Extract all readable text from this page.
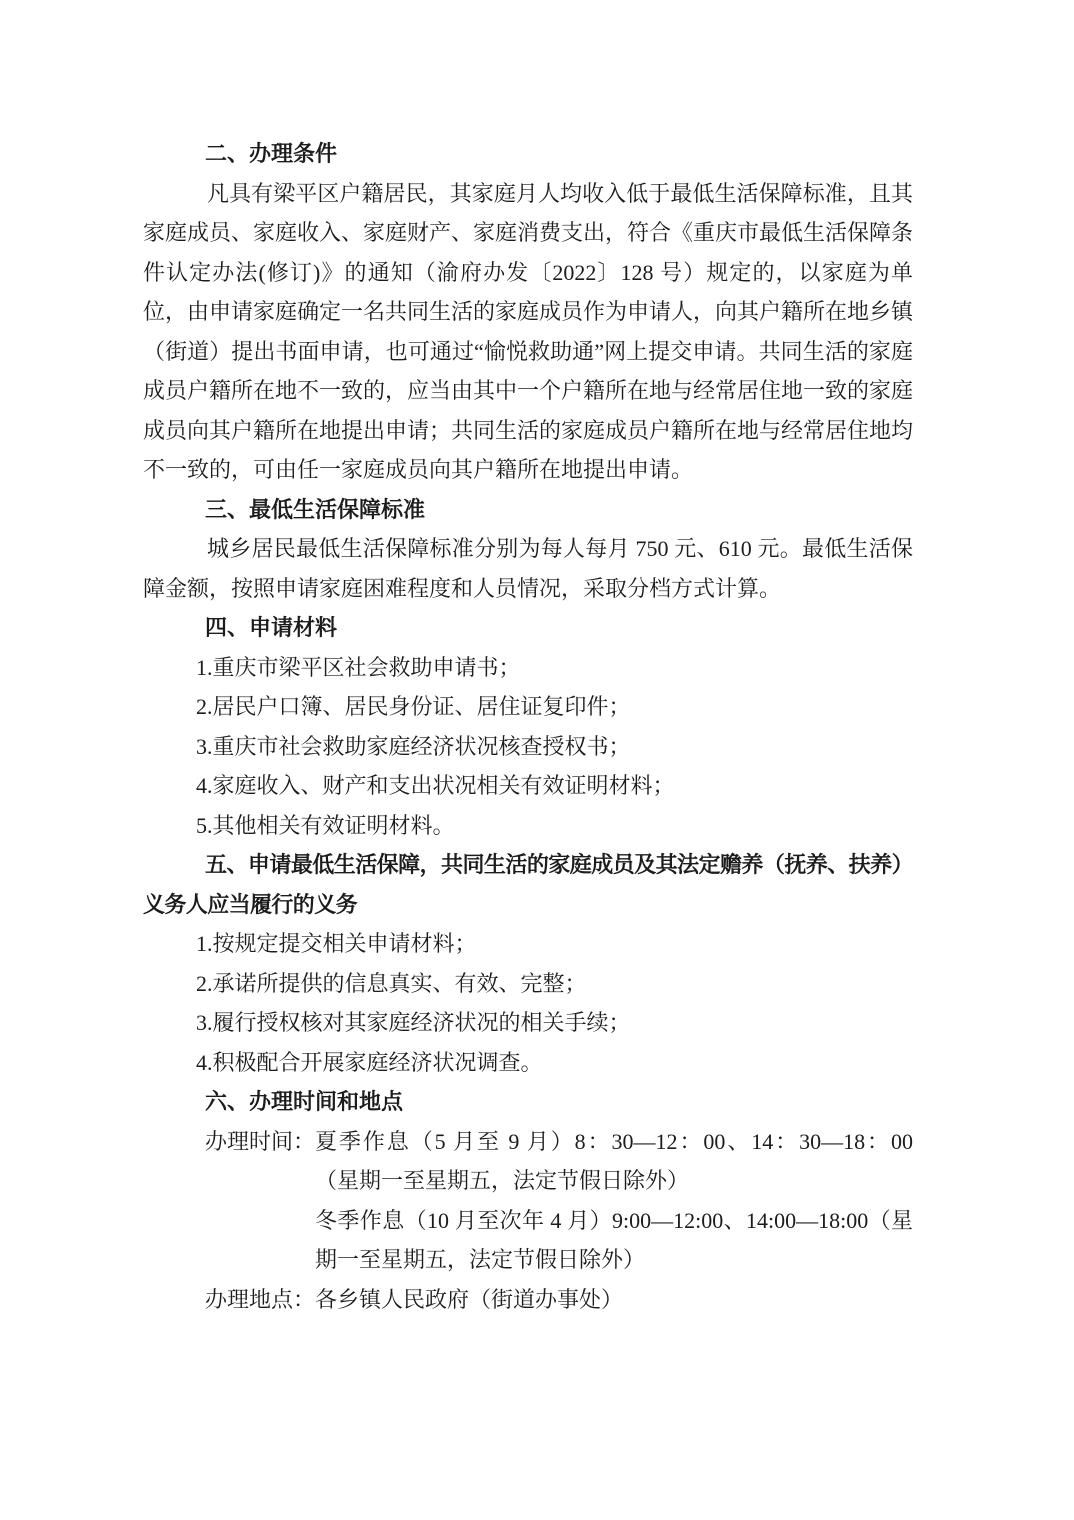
二、办理条件
凡具有梁平区户籍居民，其家庭月人均收入低于最低生活保障标准，且其家庭成员、家庭收入、家庭财产、家庭消费支出，符合《重庆市最低生活保障条件认定办法(修订)》的通知（渝府办发〔2022〕128 号）规定的，以家庭为单位，由申请家庭确定一名共同生活的家庭成员作为申请人，向其户籍所在地乡镇（街道）提出书面申请，也可通过“愉悦救助通”网上提交申请。共同生活的家庭成员户籍所在地不一致的，应当由其中一个户籍所在地与经常居住地一致的家庭成员向其户籍所在地提出申请；共同生活的家庭成员户籍所在地与经常居住地均不一致的，可由任一家庭成员向其户籍所在地提出申请。
三、最低生活保障标准
城乡居民最低生活保障标准分别为每人每月 750 元、610 元。最低生活保障金额，按照申请家庭困难程度和人员情况，采取分档方式计算。
四、申请材料
1.重庆市梁平区社会救助申请书；
2.居民户口簿、居民身份证、居住证复印件；
3.重庆市社会救助家庭经济状况核查授权书；
4.家庭收入、财产和支出状况相关有效证明材料；
5.其他相关有效证明材料。
五、申请最低生活保障，共同生活的家庭成员及其法定赡养（抚养、扶养）义务人应当履行的义务
1.按规定提交相关申请材料；
2.承诺所提供的信息真实、有效、完整；
3.履行授权核对其家庭经济状况的相关手续；
4.积极配合开展家庭经济状况调查。
六、办理时间和地点
办理时间： 夏季作息（5 月至 9 月）8：30—12：00、14：30—18：00（星期一至星期五，法定节假日除外）
冬季作息（10 月至次年 4 月）9:00—12:00、14:00—18:00（星期一至星期五，法定节假日除外）
办理地点： 各乡镇人民政府（街道办事处）
